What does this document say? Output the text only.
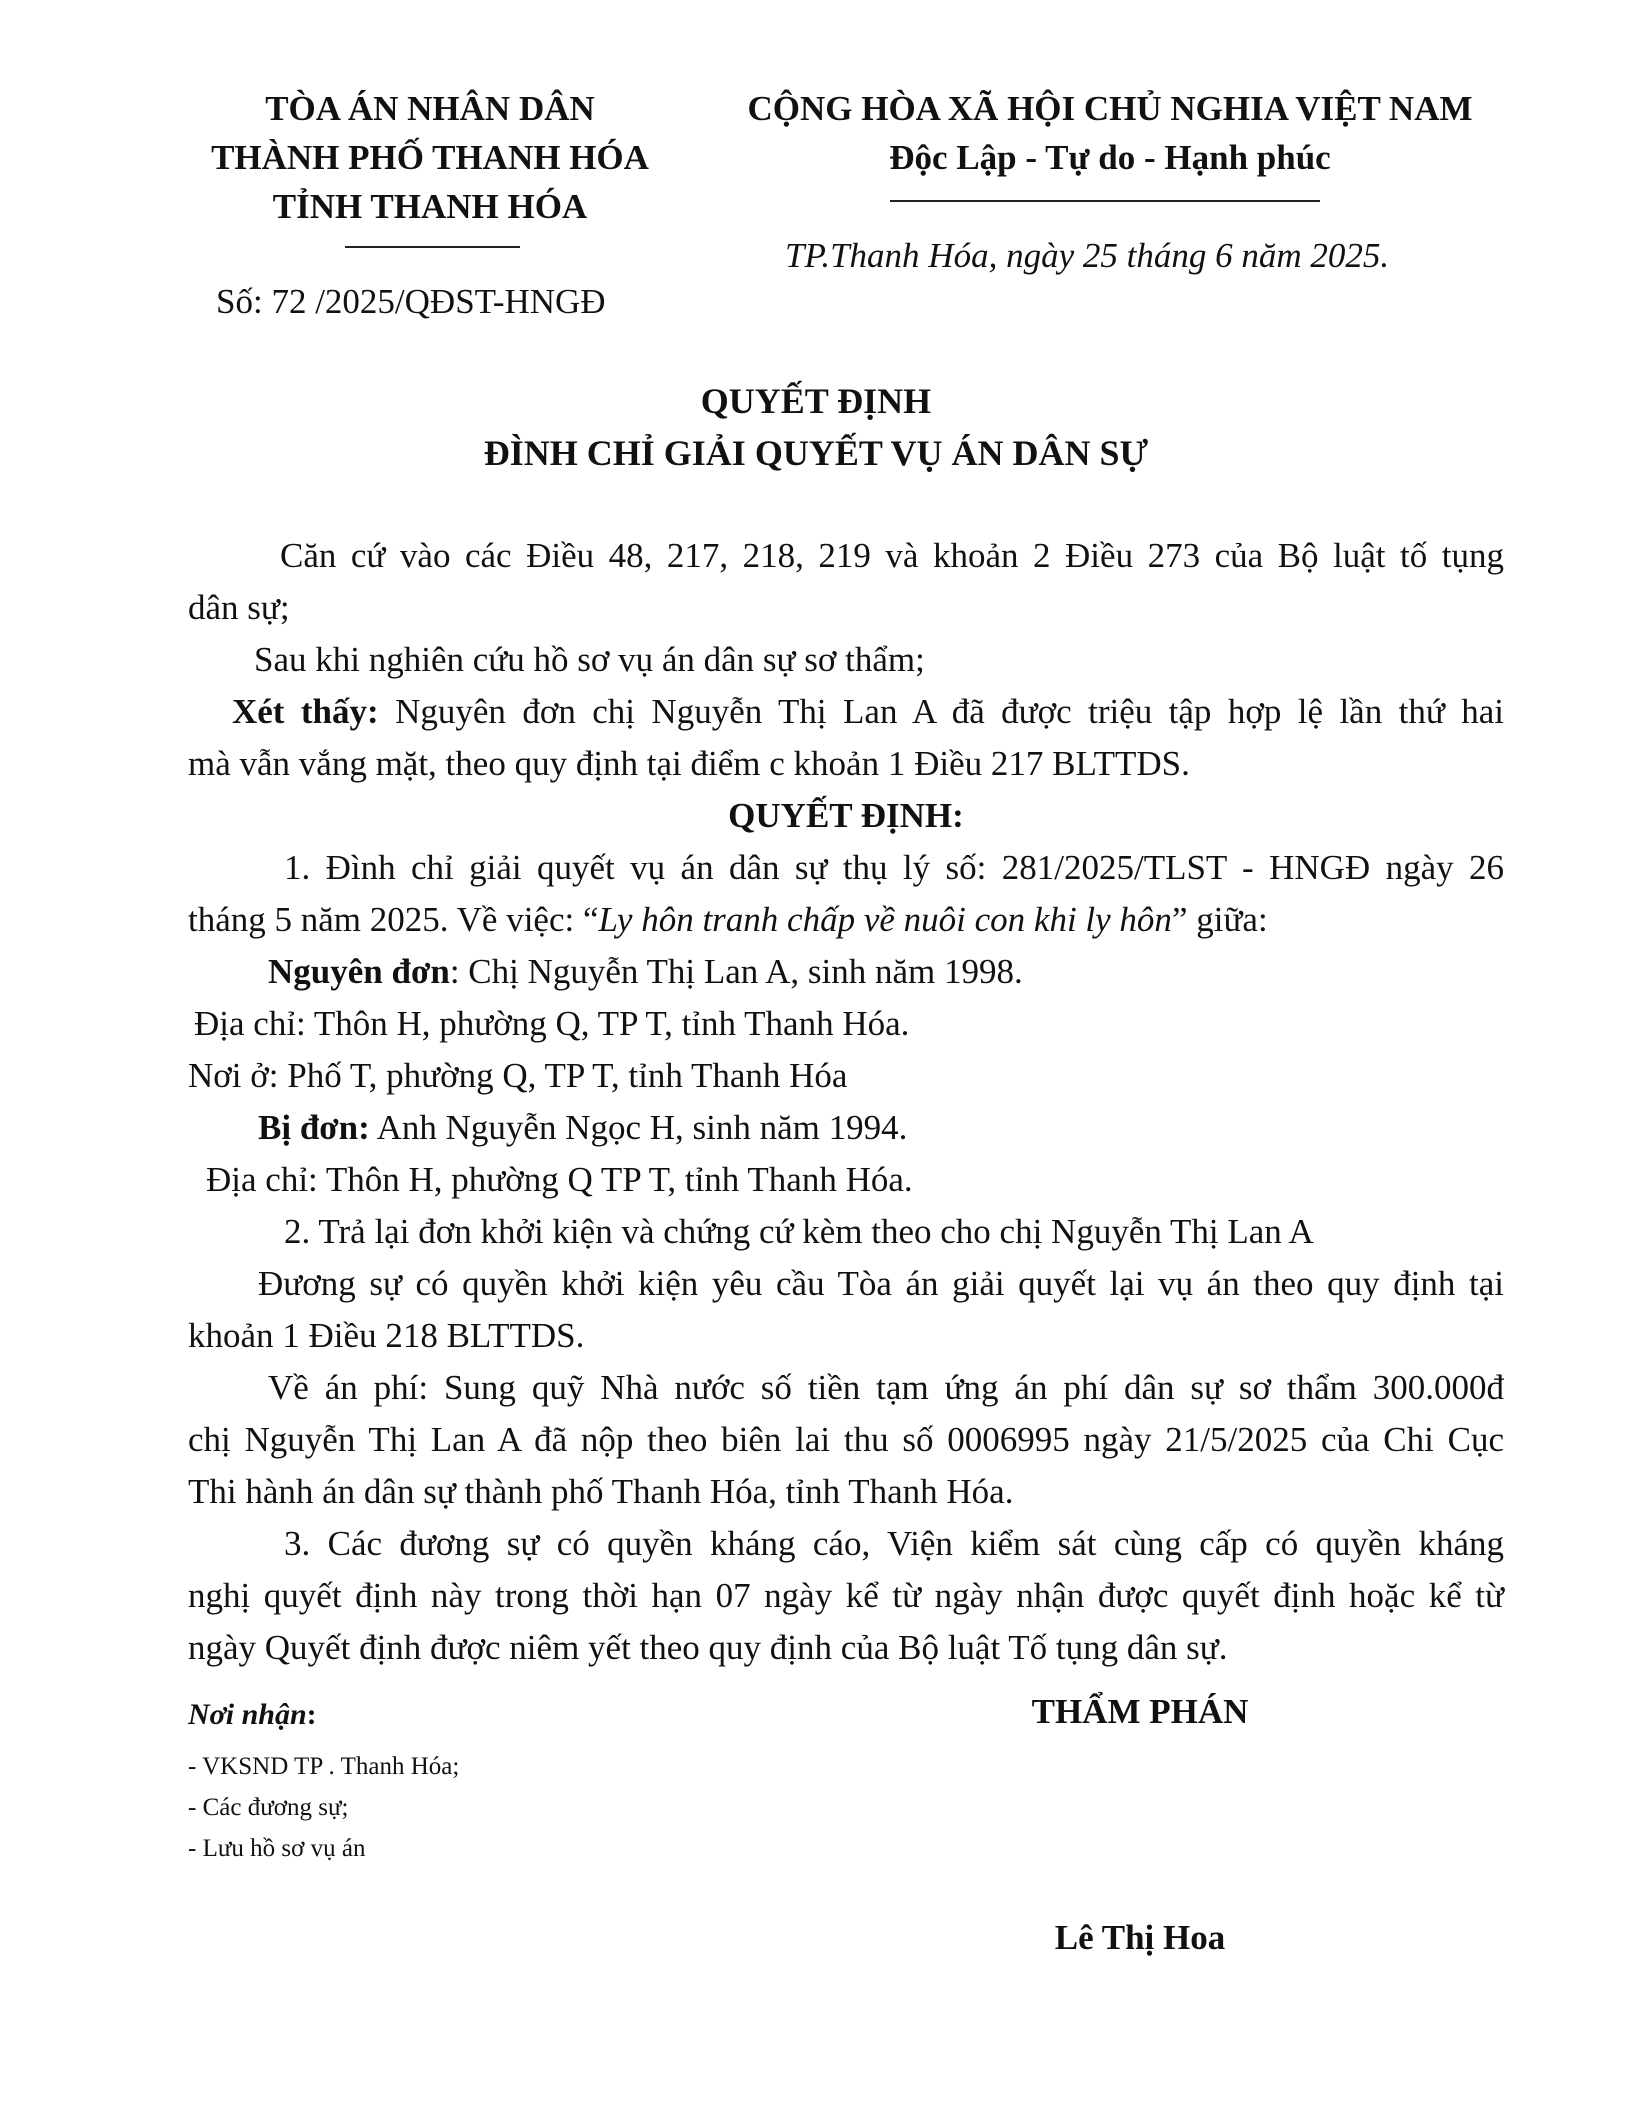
TÒA ÁN NHÂN DÂN
THÀNH PHỐ THANH HÓA
TỈNH THANH HÓA
Số: 72 /2025/QĐST-HNGĐ
CỘNG HÒA XÃ HỘI CHỦ NGHIA VIỆT NAM
Độc Lập - Tự do - Hạnh phúc
TP.Thanh Hóa, ngày 25 tháng 6 năm 2025.
QUYẾT ĐỊNH
ĐÌNH CHỈ GIẢI QUYẾT VỤ ÁN DÂN SỰ
Căn cứ vào các Điều 48, 217, 218, 219 và khoản 2 Điều 273 của Bộ luật tố tụng
dân sự;
Sau khi nghiên cứu hồ sơ vụ án dân sự sơ thẩm;
Xét thấy: Nguyên đơn chị Nguyễn Thị Lan A đã được triệu tập hợp lệ lần thứ hai
mà vẫn vắng mặt, theo quy định tại điểm c khoản 1 Điều 217 BLTTDS.
QUYẾT ĐỊNH:
1. Đình chỉ giải quyết vụ án dân sự thụ lý số: 281/2025/TLST - HNGĐ ngày 26
tháng 5 năm 2025. Về việc: “Ly hôn tranh chấp về nuôi con khi ly hôn” giữa:
Nguyên đơn: Chị Nguyễn Thị Lan A, sinh năm 1998.
Địa chỉ: Thôn H, phường Q, TP T, tỉnh Thanh Hóa.
Nơi ở: Phố T, phường Q, TP T, tỉnh Thanh Hóa
Bị đơn: Anh Nguyễn Ngọc H, sinh năm 1994.
Địa chỉ: Thôn H, phường Q TP T, tỉnh Thanh Hóa.
2. Trả lại đơn khởi kiện và chứng cứ kèm theo cho chị Nguyễn Thị Lan A
Đương sự có quyền khởi kiện yêu cầu Tòa án giải quyết lại vụ án theo quy định tại
khoản 1 Điều 218 BLTTDS.
Về án phí: Sung quỹ Nhà nước số tiền tạm ứng án phí dân sự sơ thẩm 300.000đ
chị Nguyễn Thị Lan A đã nộp theo biên lai thu số 0006995 ngày 21/5/2025 của Chi Cục
Thi hành án dân sự thành phố Thanh Hóa, tỉnh Thanh Hóa.
3. Các đương sự có quyền kháng cáo, Viện kiểm sát cùng cấp có quyền kháng
nghị quyết định này trong thời hạn 07 ngày kể từ ngày nhận được quyết định hoặc kể từ
ngày Quyết định được niêm yết theo quy định của Bộ luật Tố tụng dân sự.
Nơi nhận:
- VKSND TP . Thanh Hóa;
- Các đương sự;
- Lưu hồ sơ vụ án
THẨM PHÁN
Lê Thị Hoa
